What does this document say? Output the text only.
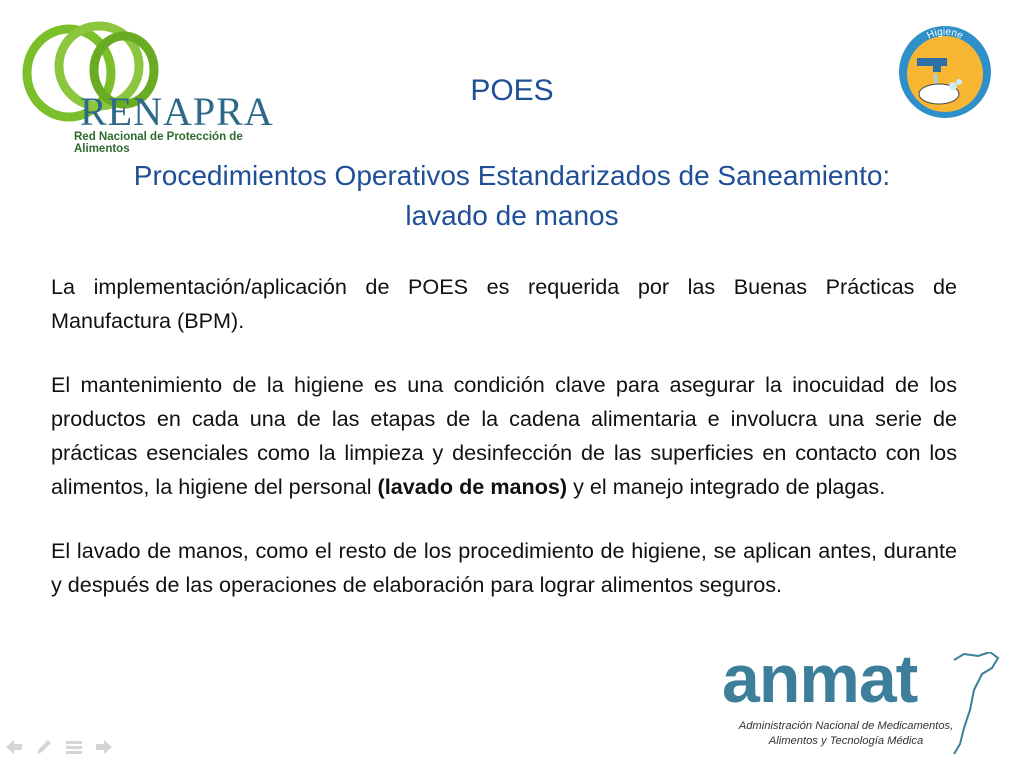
RENAPRA
Red Nacional de Protección de Alimentos
Higiene
POES
Procedimientos Operativos Estandarizados de Saneamiento:
lavado de manos

La implementación/aplicación de POES es requerida por las Buenas Prácticas de Manufactura (BPM).

El mantenimiento de la higiene es una condición clave para asegurar la inocuidad de los productos en cada una de las etapas de la cadena alimentaria e involucra una serie de prácticas esenciales como la limpieza y desinfección de las superficies en contacto con los alimentos, la higiene del personal (lavado de manos) y el manejo integrado de plagas.

El lavado de manos, como el resto de los procedimiento de higiene, se aplican antes, durante y después de las operaciones de elaboración para lograr alimentos seguros.

anmat
Administración Nacional de Medicamentos,
Alimentos y Tecnología Médica
